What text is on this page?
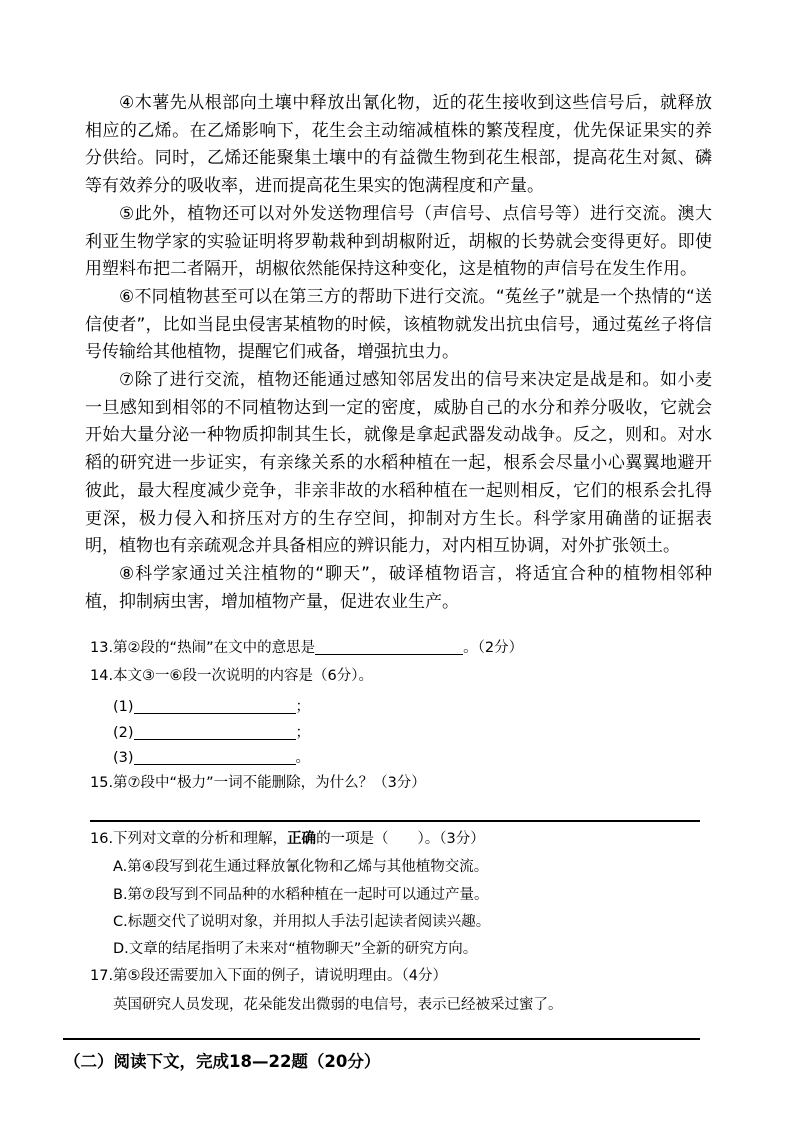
④木薯先从根部向土壤中释放出氰化物，近的花生接收到这些信号后，就释放相应的乙烯。在乙烯影响下，花生会主动缩减植株的繁茂程度，优先保证果实的养分供给。同时，乙烯还能聚集土壤中的有益微生物到花生根部，提高花生对氮、磷等有效养分的吸收率，进而提高花生果实的饱满程度和产量。

⑤此外，植物还可以对外发送物理信号（声信号、点信号等）进行交流。澳大利亚生物学家的实验证明将罗勒栽种到胡椒附近，胡椒的长势就会变得更好。即使用塑料布把二者隔开，胡椒依然能保持这种变化，这是植物的声信号在发生作用。

⑥不同植物甚至可以在第三方的帮助下进行交流。“菟丝子”就是一个热情的“送信使者”，比如当昆虫侵害某植物的时候，该植物就发出抗虫信号，通过菟丝子将信号传输给其他植物，提醒它们戒备，增强抗虫力。

⑦除了进行交流，植物还能通过感知邻居发出的信号来决定是战是和。如小麦一旦感知到相邻的不同植物达到一定的密度，威胁自己的水分和养分吸收，它就会开始大量分泌一种物质抑制其生长，就像是拿起武器发动战争。反之，则和。对水稻的研究进一步证实，有亲缘关系的水稻种植在一起，根系会尽量小心翼翼地避开彼此，最大程度减少竞争，非亲非故的水稻种植在一起则相反，它们的根系会扎得更深，极力侵入和挤压对方的生存空间，抑制对方生长。科学家用确凿的证据表明，植物也有亲疏观念并具备相应的辨识能力，对内相互协调，对外扩张领土。

⑧科学家通过关注植物的“聊天”，破译植物语言，将适宜合种的植物相邻种植，抑制病虫害，增加植物产量，促进农业生产。

13.第②段的“热闹”在文中的意思是	。（2分）
14.本文③一⑥段一次说明的内容是（6分）。
(1)	；
(2)	；
(3)	。
15.第⑦段中“极力”一词不能删除，为什么？（3分）
16.下列对文章的分析和理解，正确的一项是（　　）。（3分）
A.第④段写到花生通过释放氰化物和乙烯与其他植物交流。
B.第⑦段写到不同品种的水稻种植在一起时可以通过产量。
C.标题交代了说明对象，并用拟人手法引起读者阅读兴趣。
D.文章的结尾指明了未来对“植物聊天”全新的研究方向。
17.第⑤段还需要加入下面的例子，请说明理由。（4分）
英国研究人员发现，花朵能发出微弱的电信号，表示已经被采过蜜了。
（二）阅读下文，完成18—22题（20分）
